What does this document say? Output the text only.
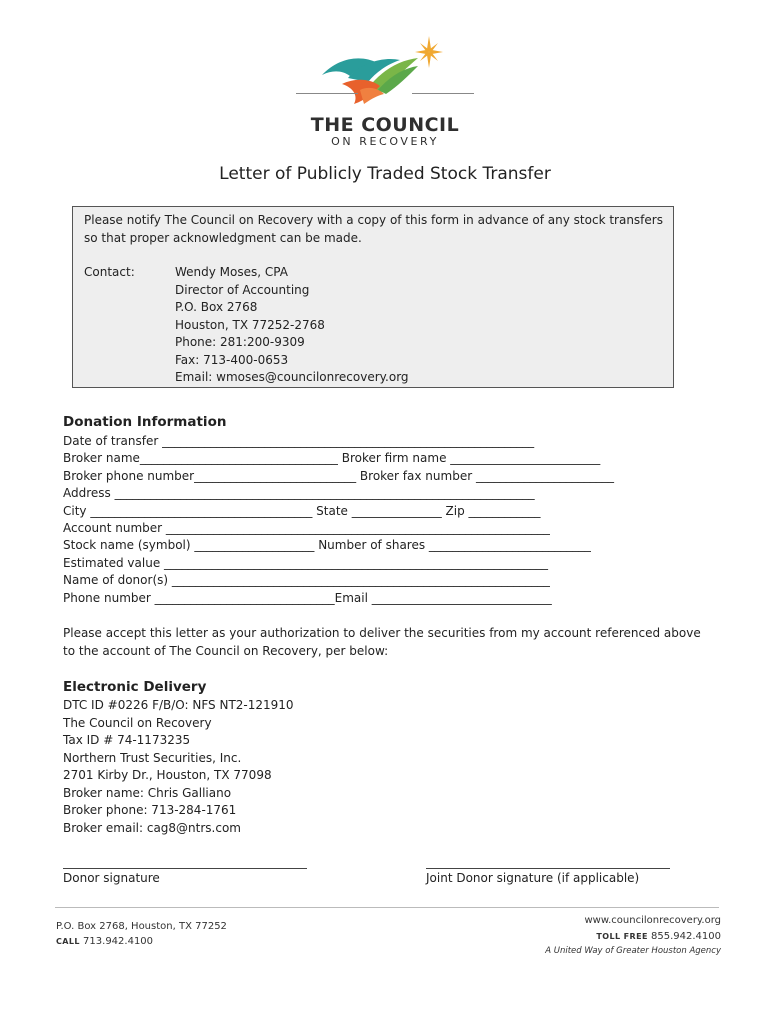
THE COUNCIL
ON RECOVERY
Letter of Publicly Traded Stock Transfer
Please notify The Council on Recovery with a copy of this form in advance of any stock transfers so that proper acknowledgment can be made.
Contact:	Wendy Moses, CPA
Director of Accounting
P.O. Box 2768
Houston, TX 77252-2768
Phone: 281:200-9309
Fax: 713-400-0653
Email: wmoses@councilonrecovery.org
Donation Information
Date of transfer ______________________________________________________________
Broker name_________________________________ Broker firm name _________________________
Broker phone number___________________________ Broker fax number _______________________
Address ______________________________________________________________________
City _____________________________________ State _______________ Zip ____________
Account number ________________________________________________________________
Stock name (symbol) ____________________ Number of shares ___________________________
Estimated value ________________________________________________________________
Name of donor(s) _______________________________________________________________
Phone number ______________________________Email ______________________________
Please accept this letter as your authorization to deliver the securities from my account referenced above to the account of The Council on Recovery, per below:
Electronic Delivery
DTC ID #0226 F/B/O: NFS NT2-121910
The Council on Recovery
Tax ID # 74-1173235
Northern Trust Securities, Inc.
2701 Kirby Dr., Houston, TX 77098
Broker name: Chris Galliano
Broker phone: 713-284-1761
Broker email: cag8@ntrs.com
Donor signature	Joint Donor signature (if applicable)
P.O. Box 2768, Houston, TX 77252
CALL 713.942.4100
www.councilonrecovery.org
TOLL FREE 855.942.4100
A United Way of Greater Houston Agency
